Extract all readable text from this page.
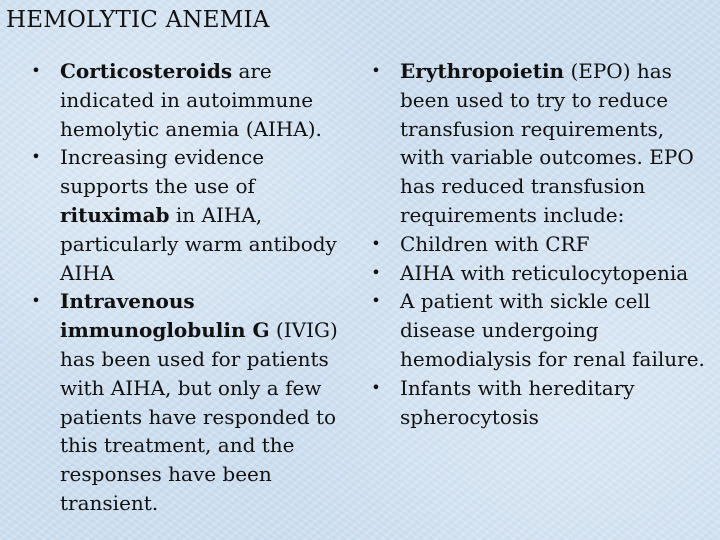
HEMOLYTIC ANEMIA
• Corticosteroids are indicated in autoimmune hemolytic anemia (AIHA).
• Increasing evidence supports the use of rituximab in AIHA, particularly warm antibody AIHA
• Intravenous immunoglobulin G (IVIG) has been used for patients with AIHA, but only a few patients have responded to this treatment, and the responses have been transient.
• Erythropoietin (EPO) has been used to try to reduce transfusion requirements, with variable outcomes. EPO has reduced transfusion requirements include:
• Children with CRF
• AIHA with reticulocytopenia
• A patient with sickle cell disease undergoing hemodialysis for renal failure.
• Infants with hereditary spherocytosis
